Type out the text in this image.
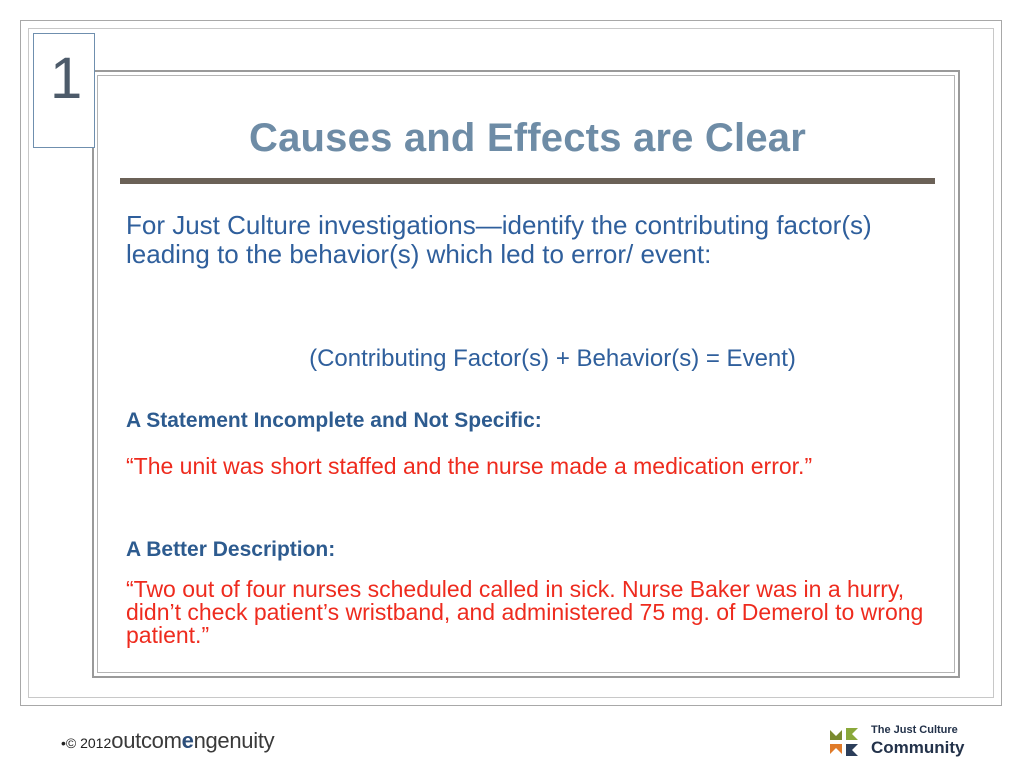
1
Causes and Effects are Clear
For Just Culture investigations—identify the contributing factor(s) leading to the behavior(s) which led to error/ event:
(Contributing Factor(s) + Behavior(s) = Event)
A Statement Incomplete and Not Specific:
“The unit was short staffed and the nurse made a medication error.”
A Better Description:
“Two out of four nurses scheduled called in sick. Nurse Baker was in a hurry, didn’t check patient’s wristband, and administered 75 mg. of Demerol to wrong patient.”
•© 2012outcomengenuity	The Just Culture
Community
